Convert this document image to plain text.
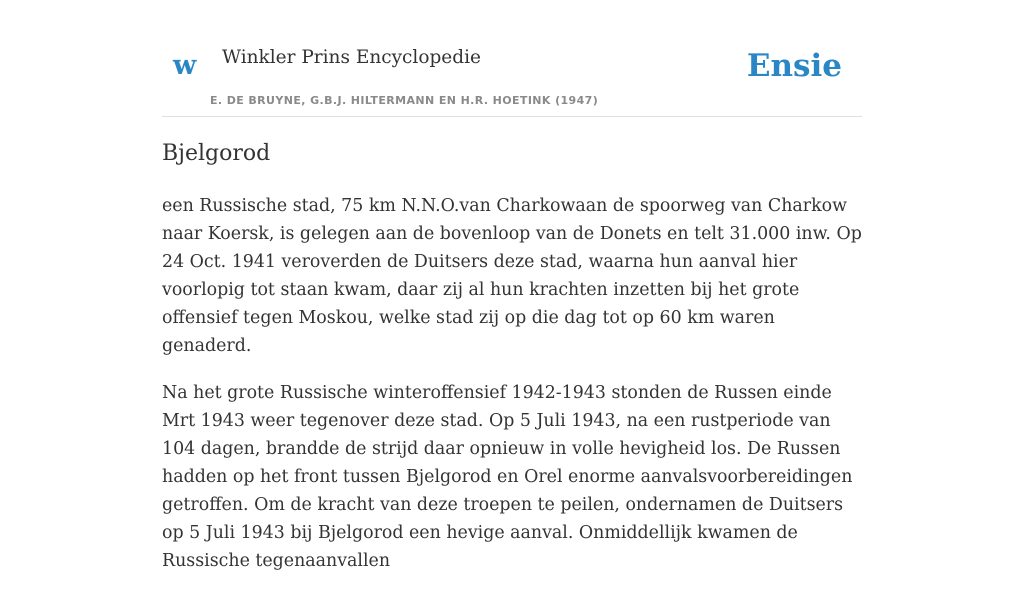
w Winkler Prins Encyclopedie
E. DE BRUYNE, G.B.J. HILTERMANN EN H.R. HOETINK (1947)
Ensie
Bjelgorod

een Russische stad, 75 km N.N.O.van Charkowaan de spoorweg van Charkow naar Koersk, is gelegen aan de bovenloop van de Donets en telt 31.000 inw. Op 24 Oct. 1941 veroverden de Duitsers deze stad, waarna hun aanval hier voorlopig tot staan kwam, daar zij al hun krachten inzetten bij het grote offensief tegen Moskou, welke stad zij op die dag tot op 60 km waren genaderd.

Na het grote Russische winteroffensief 1942-1943 stonden de Russen einde Mrt 1943 weer tegenover deze stad. Op 5 Juli 1943, na een rustperiode van 104 dagen, brandde de strijd daar opnieuw in volle hevigheid los. De Russen hadden op het front tussen Bjelgorod en Orel enorme aanvalsvoorbereidingen getroffen. Om de kracht van deze troepen te peilen, ondernamen de Duitsers op 5 Juli 1943 bij Bjelgorod een hevige aanval. Onmiddellijk kwamen de Russische tegenaanvallen
